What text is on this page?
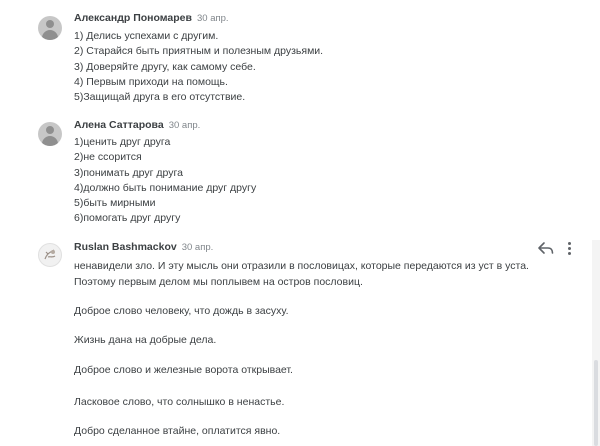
Александр Пономарев 30 апр.
1) Делись успехами с другим.
2) Старайся быть приятным и полезным друзьями.
3) Доверяйте другу, как самому себе.
4) Первым приходи на помощь.
5)Защищай друга в его отсутствие.
Алена Саттарова 30 апр.
1)ценить друг друга
2)не ссорится
3)понимать друг друга
4)должно быть понимание друг другу
5)быть мирными
6)помогать друг другу
Ruslan Bashmackov 30 апр.
ненавидели зло. И эту мысль они отразили в пословицах, которые передаются из уст в уста.
Поэтому первым делом мы поплывем на остров пословиц.
Доброе слово человеку, что дождь в засуху.
Жизнь дана на добрые дела.
Доброе слово и железные ворота открывает.
Ласковое слово, что солнышко в ненастье.
Добро сделанное втайне, оплатится явно.
